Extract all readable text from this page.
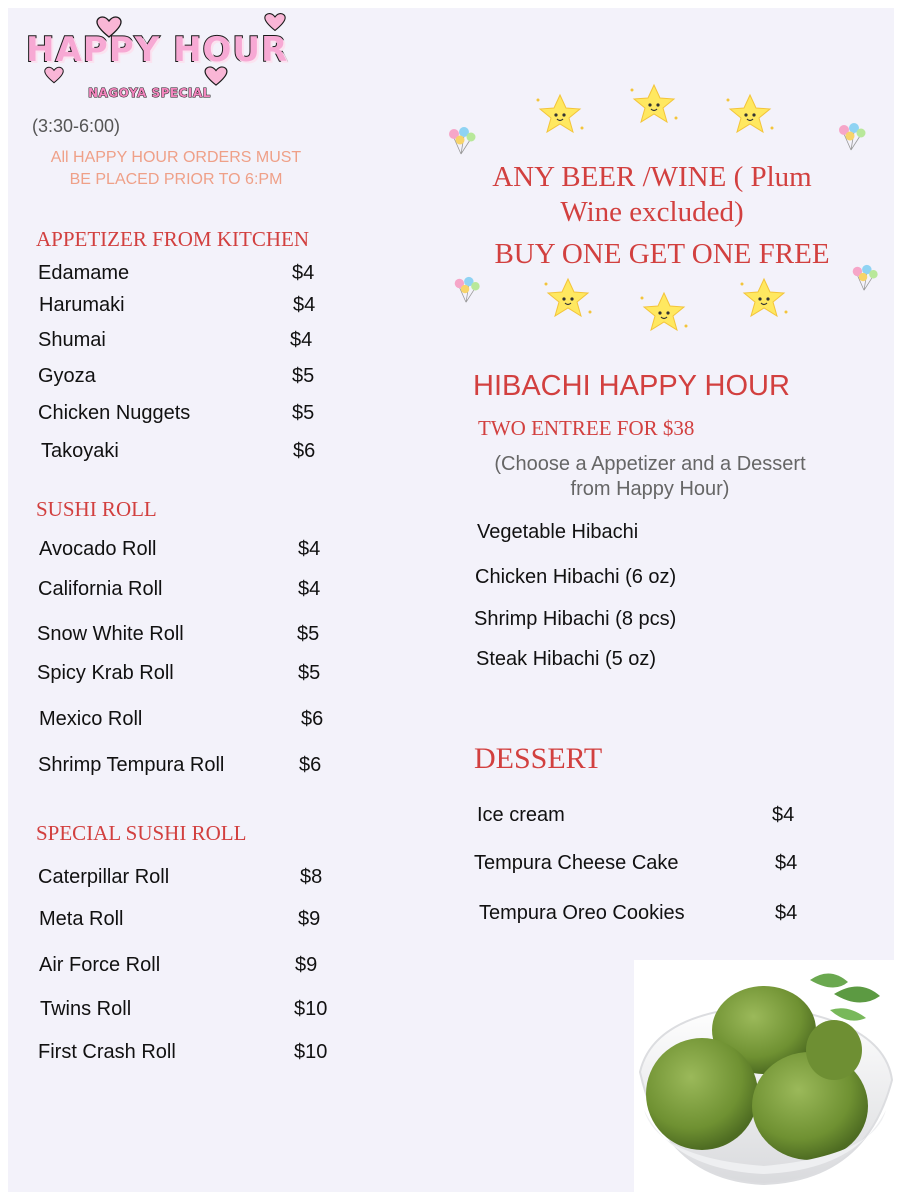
HAPPY HOUR
NAGOYA SPECIAL
(3:30-6:00)
All HAPPY HOUR ORDERS MUST
BE PLACED PRIOR TO 6:PM
APPETIZER FROM KITCHEN
Edamame	$4
Harumaki	$4
Shumai	$4
Gyoza	$5
Chicken Nuggets	$5
Takoyaki	$6
SUSHI ROLL
Avocado Roll	$4
California Roll	$4
Snow White Roll	$5
Spicy Krab Roll	$5
Mexico Roll	$6
Shrimp Tempura Roll	$6
SPECIAL SUSHI ROLL
Caterpillar Roll	$8
Meta Roll	$9
Air Force Roll	$9
Twins Roll	$10
First Crash Roll	$10
ANY BEER /WINE ( Plum
Wine excluded)
BUY ONE GET ONE FREE
HIBACHI HAPPY HOUR
TWO ENTREE FOR $38
(Choose a Appetizer and a Dessert
from Happy Hour)
Vegetable Hibachi
Chicken Hibachi (6 oz)
Shrimp Hibachi (8 pcs)
Steak Hibachi (5 oz)
DESSERT
Ice cream	$4
Tempura Cheese Cake	$4
Tempura Oreo Cookies	$4
